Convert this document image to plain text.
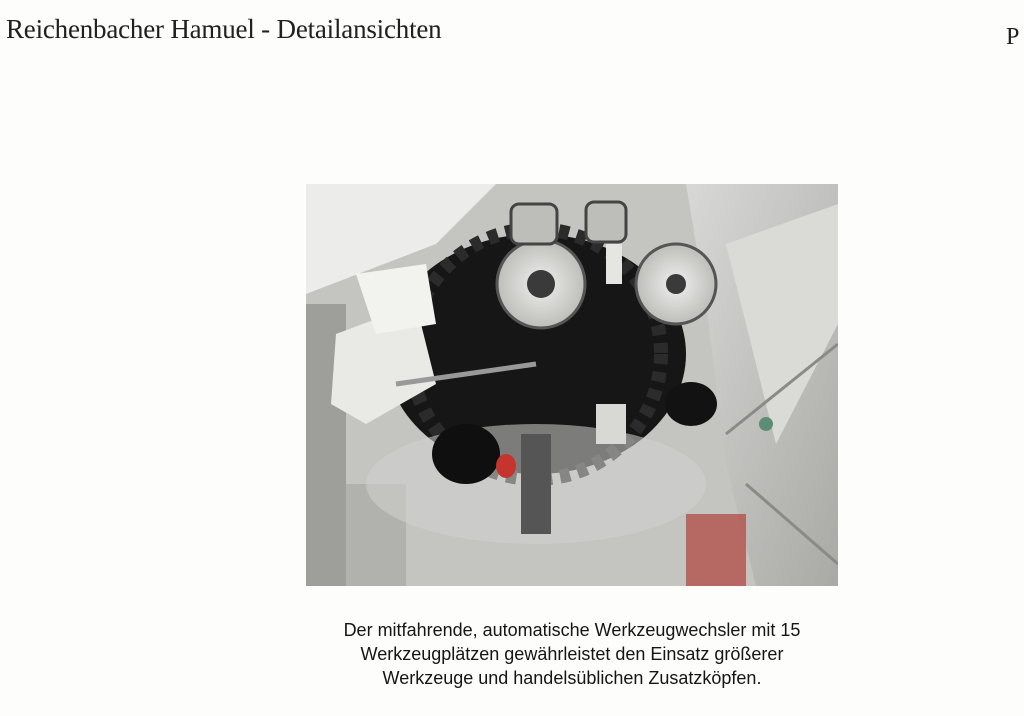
Reichenbacher Hamuel - Detailansichten	P
Der mitfahrende, automatische Werkzeugwechsler mit 15
Werkzeugplätzen gewährleistet den Einsatz größerer
Werkzeuge und handelsüblichen Zusatzköpfen.
